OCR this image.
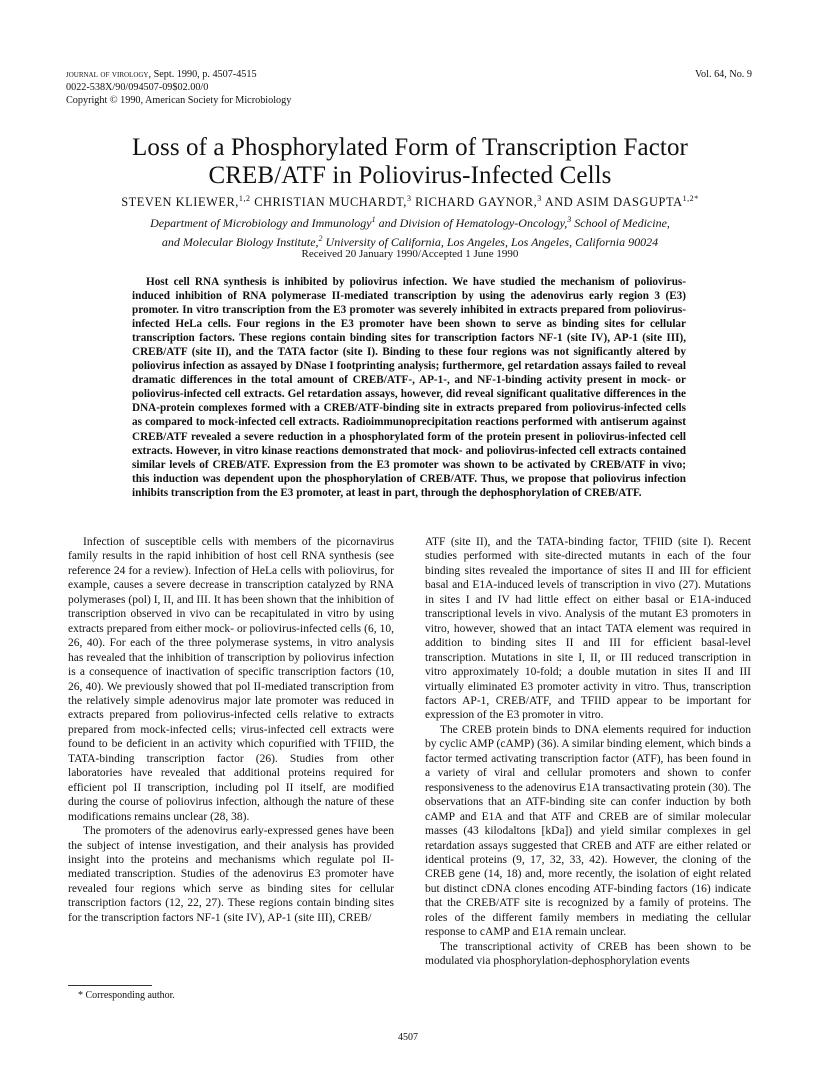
journal of virology, Sept. 1990, p. 4507-4515
0022-538X/90/094507-09$02.00/0
Copyright © 1990, American Society for Microbiology
Vol. 64, No. 9
Loss of a Phosphorylated Form of Transcription Factor
CREB/ATF in Poliovirus-Infected Cells
STEVEN KLIEWER,$^{1,2}$ CHRISTIAN MUCHARDT,$^3$ RICHARD GAYNOR,$^3$ AND ASIM $DASGUPTA^{1,2*}$
Department of Microbiology and Immunology$^1$ and Division of Hematology-Oncology,$^3$ School of Medicine,
and Molecular Biology Institute,$^2$ University of California, Los Angeles, Los Angeles, California 90024
Received 20 January 1990/Accepted 1 June 1990

Host cell RNA synthesis is inhibited by poliovirus infection. We have studied the mechanism of poliovirus-induced inhibition of RNA polymerase II-mediated transcription by using the adenovirus early region 3 (E3) promoter. In vitro transcription from the E3 promoter was severely inhibited in extracts prepared from poliovirus-infected HeLa cells. Four regions in the E3 promoter have been shown to serve as binding sites for cellular transcription factors. These regions contain binding sites for transcription factors NF-1 (site IV), AP-1 (site III), CREB/ATF (site II), and the TATA factor (site I). Binding to these four regions was not significantly altered by poliovirus infection as assayed by DNase I footprinting analysis; furthermore, gel retardation assays failed to reveal dramatic differences in the total amount of CREB/ATF-, AP-1-, and NF-1-binding activity present in mock- or poliovirus-infected cell extracts. Gel retardation assays, however, did reveal significant qualitative differences in the DNA-protein complexes formed with a CREB/ATF-binding site in extracts prepared from poliovirus-infected cells as compared to mock-infected cell extracts. Radioimmunoprecipitation reactions performed with antiserum against CREB/ATF revealed a severe reduction in a phosphorylated form of the protein present in poliovirus-infected cell extracts. However, in vitro kinase reactions demonstrated that mock- and poliovirus-infected cell extracts contained similar levels of CREB/ATF. Expression from the E3 promoter was shown to be activated by CREB/ATF in vivo; this induction was dependent upon the phosphorylation of CREB/ATF. Thus, we propose that poliovirus infection inhibits transcription from the E3 promoter, at least in part, through the dephosphorylation of CREB/ATF.

Infection of susceptible cells with members of the picornavirus family results in the rapid inhibition of host cell RNA synthesis (see reference 24 for a review). Infection of HeLa cells with poliovirus, for example, causes a severe decrease in transcription catalyzed by RNA polymerases (pol) I, II, and III. It has been shown that the inhibition of transcription observed in vivo can be recapitulated in vitro by using extracts prepared from either mock- or poliovirus-infected cells (6, 10, 26, 40). For each of the three polymerase systems, in vitro analysis has revealed that the inhibition of transcription by poliovirus infection is a consequence of inactivation of specific transcription factors (10, 26, 40). We previously showed that pol II-mediated transcription from the relatively simple adenovirus major late promoter was reduced in extracts prepared from poliovirus-infected cells relative to extracts prepared from mock-infected cells; virus-infected cell extracts were found to be deficient in an activity which copurified with TFIID, the TATA-binding transcription factor (26). Studies from other laboratories have revealed that additional proteins required for efficient pol II transcription, including pol II itself, are modified during the course of poliovirus infection, although the nature of these modifications remains unclear (28, 38).

The promoters of the adenovirus early-expressed genes have been the subject of intense investigation, and their analysis has provided insight into the proteins and mechanisms which regulate pol II-mediated transcription. Studies of the adenovirus E3 promoter have revealed four regions which serve as binding sites for cellular transcription factors (12, 22, 27). These regions contain binding sites for the transcription factors NF-1 (site IV), AP-1 (site III), CREB/

ATF (site II), and the TATA-binding factor, TFIID (site I). Recent studies performed with site-directed mutants in each of the four binding sites revealed the importance of sites II and III for efficient basal and E1A-induced levels of transcription in vivo (27). Mutations in sites I and IV had little effect on either basal or E1A-induced transcriptional levels in vivo. Analysis of the mutant E3 promoters in vitro, however, showed that an intact TATA element was required in addition to binding sites II and III for efficient basal-level transcription. Mutations in site I, II, or III reduced transcription in vitro approximately 10-fold; a double mutation in sites II and III virtually eliminated E3 promoter activity in vitro. Thus, transcription factors AP-1, CREB/ATF, and TFIID appear to be important for expression of the E3 promoter in vitro.

The CREB protein binds to DNA elements required for induction by cyclic AMP (cAMP) (36). A similar binding element, which binds a factor termed activating transcription factor (ATF), has been found in a variety of viral and cellular promoters and shown to confer responsiveness to the adenovirus E1A transactivating protein (30). The observations that an ATF-binding site can confer induction by both cAMP and E1A and that ATF and CREB are of similar molecular masses (43 kilodaltons [kDa]) and yield similar complexes in gel retardation assays suggested that CREB and ATF are either related or identical proteins (9, 17, 32, 33, 42). However, the cloning of the CREB gene (14, 18) and, more recently, the isolation of eight related but distinct cDNA clones encoding ATF-binding factors (16) indicate that the CREB/ATF site is recognized by a family of proteins. The roles of the different family members in mediating the cellular response to cAMP and E1A remain unclear.

The transcriptional activity of CREB has been shown to be modulated via phosphorylation-dephosphorylation events

* Corresponding author.
4507
